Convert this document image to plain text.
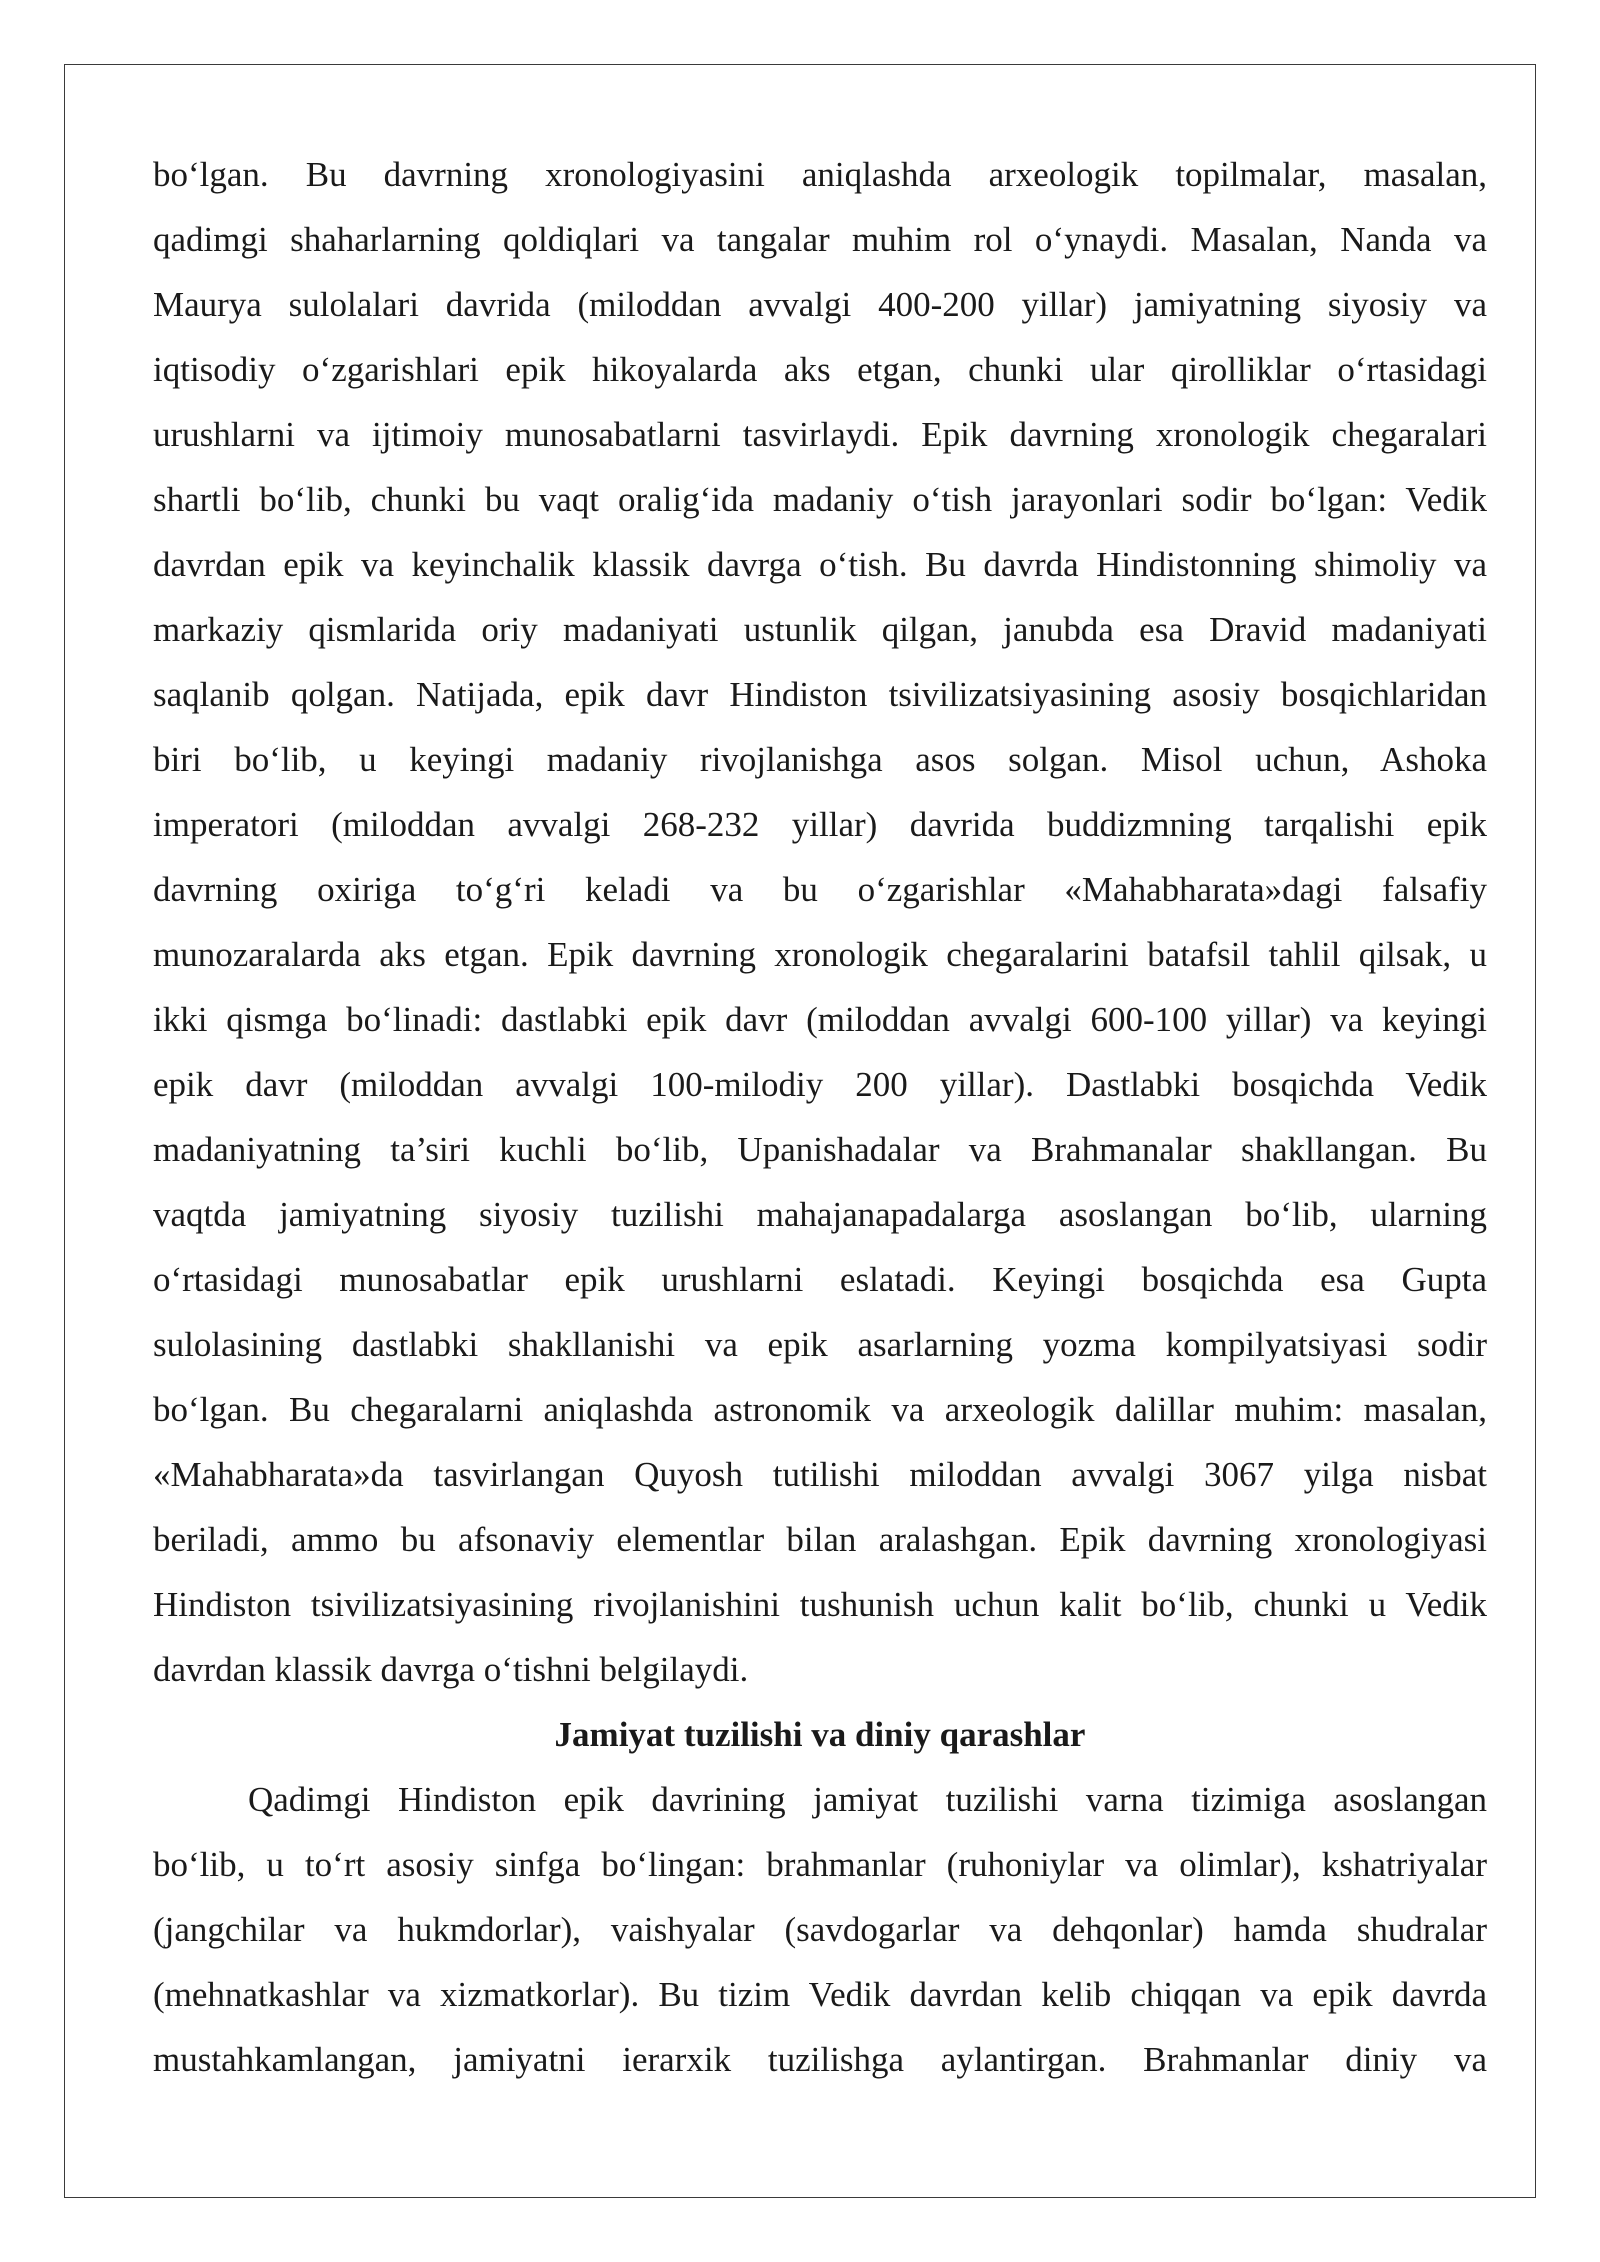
bo‘lgan. Bu davrning xronologiyasini aniqlashda arxeologik topilmalar, masalan,
qadimgi shaharlarning qoldiqlari va tangalar muhim rol o‘ynaydi. Masalan, Nanda va
Maurya sulolalari davrida (miloddan avvalgi 400-200 yillar) jamiyatning siyosiy va
iqtisodiy o‘zgarishlari epik hikoyalarda aks etgan, chunki ular qirolliklar o‘rtasidagi
urushlarni va ijtimoiy munosabatlarni tasvirlaydi. Epik davrning xronologik chegaralari
shartli bo‘lib, chunki bu vaqt oralig‘ida madaniy o‘tish jarayonlari sodir bo‘lgan: Vedik
davrdan epik va keyinchalik klassik davrga o‘tish. Bu davrda Hindistonning shimoliy va
markaziy qismlarida oriy madaniyati ustunlik qilgan, janubda esa Dravid madaniyati
saqlanib qolgan. Natijada, epik davr Hindiston tsivilizatsiyasining asosiy bosqichlaridan
biri bo‘lib, u keyingi madaniy rivojlanishga asos solgan. Misol uchun, Ashoka
imperatori (miloddan avvalgi 268-232 yillar) davrida buddizmning tarqalishi epik
davrning oxiriga to‘g‘ri keladi va bu o‘zgarishlar «Mahabharata»dagi falsafiy
munozaralarda aks etgan. Epik davrning xronologik chegaralarini batafsil tahlil qilsak, u
ikki qismga bo‘linadi: dastlabki epik davr (miloddan avvalgi 600-100 yillar) va keyingi
epik davr (miloddan avvalgi 100-milodiy 200 yillar). Dastlabki bosqichda Vedik
madaniyatning ta’siri kuchli bo‘lib, Upanishadalar va Brahmanalar shakllangan. Bu
vaqtda jamiyatning siyosiy tuzilishi mahajanapadalarga asoslangan bo‘lib, ularning
o‘rtasidagi munosabatlar epik urushlarni eslatadi. Keyingi bosqichda esa Gupta
sulolasining dastlabki shakllanishi va epik asarlarning yozma kompilyatsiyasi sodir
bo‘lgan. Bu chegaralarni aniqlashda astronomik va arxeologik dalillar muhim: masalan,
«Mahabharata»da tasvirlangan Quyosh tutilishi miloddan avvalgi 3067 yilga nisbat
beriladi, ammo bu afsonaviy elementlar bilan aralashgan. Epik davrning xronologiyasi
Hindiston tsivilizatsiyasining rivojlanishini tushunish uchun kalit bo‘lib, chunki u Vedik
davrdan klassik davrga o‘tishni belgilaydi.
Jamiyat tuzilishi va diniy qarashlar
Qadimgi Hindiston epik davrining jamiyat tuzilishi varna tizimiga asoslangan
bo‘lib, u to‘rt asosiy sinfga bo‘lingan: brahmanlar (ruhoniylar va olimlar), kshatriyalar
(jangchilar va hukmdorlar), vaishyalar (savdogarlar va dehqonlar) hamda shudralar
(mehnatkashlar va xizmatkorlar). Bu tizim Vedik davrdan kelib chiqqan va epik davrda
mustahkamlangan, jamiyatni ierarxik tuzilishga aylantirgan. Brahmanlar diniy va
